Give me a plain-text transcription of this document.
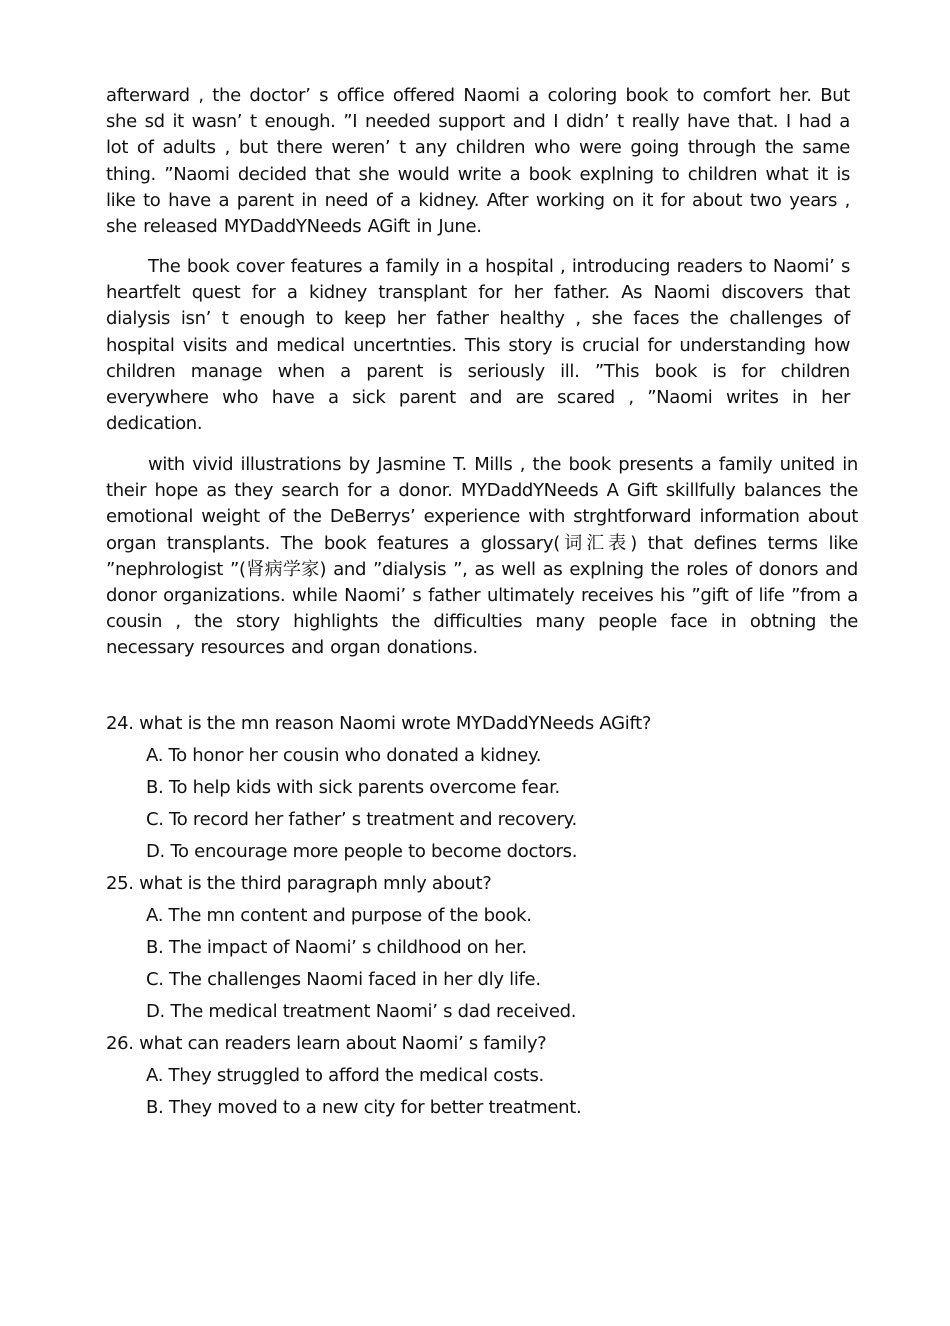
afterward , the doctor’ s office offered Naomi a coloring book to comfort her. But she sd it wasn’ t enough. ”I needed support and I didn’ t really have that. I had a lot of adults , but there weren’ t any children who were going through the same thing. ”Naomi decided that she would write a book explning to children what it is like to have a parent in need of a kidney. After working on it for about two years , she released MYDaddYNeeds AGift in June.

The book cover features a family in a hospital , introducing readers to Naomi’ s heartfelt quest for a kidney transplant for her father. As Naomi discovers that dialysis isn’ t enough to keep her father healthy , she faces the challenges of hospital visits and medical uncertnties. This story is crucial for understanding how children manage when a parent is seriously ill. ”This book is for children everywhere who have a sick parent and are scared , ”Naomi writes in her dedication.

with vivid illustrations by Jasmine T. Mills , the book presents a family united in their hope as they search for a donor. MYDaddYNeeds A Gift skillfully balances the emotional weight of the DeBerrys’ experience with strghtforward information about organ transplants. The book features a glossary(词汇表) that defines terms like ”nephrologist ”(肾病学家) and ”dialysis ”, as well as explning the roles of donors and donor organizations. while Naomi’ s father ultimately receives his ”gift of life ”from a cousin , the story highlights the difficulties many people face in obtning the necessary resources and organ donations.

24. what is the mn reason Naomi wrote MYDaddYNeeds AGift?

A. To honor her cousin who donated a kidney.

B. To help kids with sick parents overcome fear.

C. To record her father’ s treatment and recovery.

D. To encourage more people to become doctors.

25. what is the third paragraph mnly about?

A. The mn content and purpose of the book.

B. The impact of Naomi’ s childhood on her.

C. The challenges Naomi faced in her dly life.

D. The medical treatment Naomi’ s dad received.

26. what can readers learn about Naomi’ s family?

A. They struggled to afford the medical costs.

B. They moved to a new city for better treatment.
